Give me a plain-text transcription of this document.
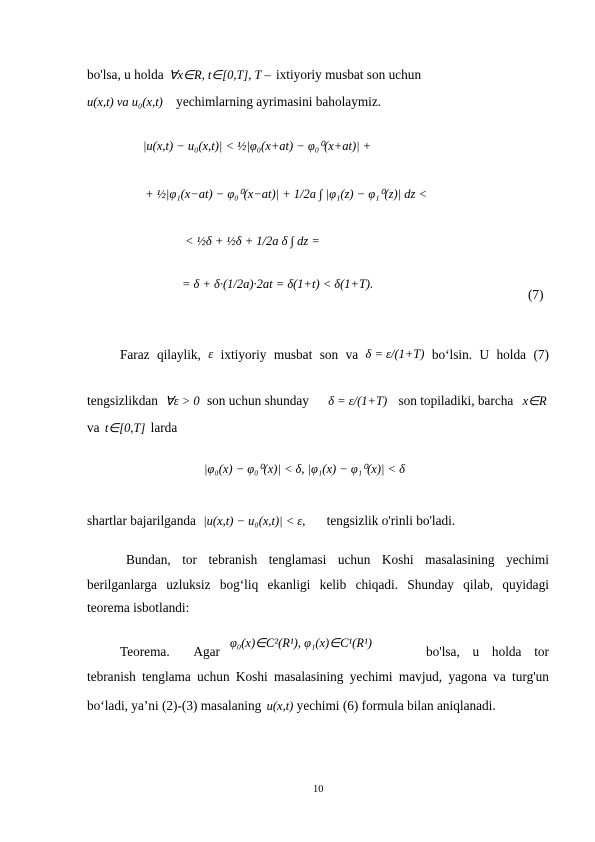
bo'lsa, u holda ∀x∈R, t∈[0,T], T – ixtiyoriy musbat son uchun
u(x,t) va u₀(x,t) yechimlarning ayrimasini baholaymiz.
|u(x,t) − u₀(x,t)| < ½|φ₀(x+at) − φ₀⁰(x+at)| +
+ ½|φ₁(x−at) − φ₀⁰(x−at)| + 1/2a ∫ |φ₁(z) − φ₁⁰(z)| dz <
< ½δ + ½δ + 1/2a δ ∫ dz =
= δ + δ·(1/2a)·2at = δ(1+t) < δ(1+T).
(7)
Faraz qilaylik, ε ixtiyoriy musbat son va δ = ε/(1+T) bo‘lsin. U holda (7)
tengsizlikdan ∀ε > 0 son uchun shunday δ = ε/(1+T) son topiladiki, barcha x∈R
va t∈[0,T] larda
|φ₀(x) − φ₀⁰(x)| < δ, |φ₁(x) − φ₁⁰(x)| < δ
shartlar bajarilganda |u(x,t) − u₀(x,t)| < ε, tengsizlik o'rinli bo'ladi.
Bundan, tor tebranish tenglamasi uchun Koshi masalasining yechimi
berilganlarga uzluksiz bog‘liq ekanligi kelib chiqadi. Shunday qilab, quyidagi
teorema isbotlandi:
Teorema. Agar
φ₀(x)∈C²(R¹), φ₁(x)∈C¹(R¹)
bo'lsa, u holda tor
tebranish tenglama uchun Koshi masalasining yechimi mavjud, yagona va turg'un
bo‘ladi, ya’ni (2)-(3) masalaning u(x,t) yechimi (6) formula bilan aniqlanadi.
10
